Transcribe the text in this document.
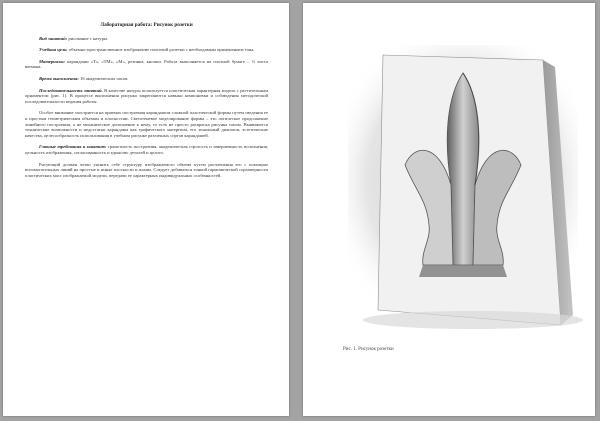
Лабораторная работа: Рисунок розетки

Вид занятий: рисование с натуры.

Учебная цель: объемно-пространственное изображение гипсовой розетки с необходимым применением тона.

Материалы: карандаши «Т», «ТМ», «М», резинка, кнопки. Работа выполняется на плотной бумаге – ½ листа ватмана.

Время выполнения: 16 академических часов.

Последовательность занятий. В качестве натуры используется пластическая характерная модель с растительным орнаментом (рис. 1). В процессе выполнения рисунка закрепляются навыки компоновки и соблюдения методической последовательности ведения работы.

Особое внимание заостряется на приемах построения карандашом сложной пластической формы путем сведения ее к простым геометрическим объемам и плоскостям. Светотеневое моделирование формы – это логическое продолжение линейного построения, а не механическое дополнение к нему, то есть не просто раскраска рисунка тоном. Выявляются технические возможности и недостатки карандаша как графического материала, его тональный диапазон, эстетические качества, целесообразность использования в учебном рисунке различных сортов карандашей.

Главные требования к занятию: грамотность построения, академическая строгость и завершенность исполнения, цельность изображения, согласованность и единство деталей и целого.

Рисующий должен четко уяснить себе структуру изображаемого объема путем расчленения его с помощью вспомогательных линий на простые и ясные плоскости и планы. Следует добиваться тонкой гармонической соразмерности пластических масс изображаемой модели, передачи ее характерных индивидуальных особенностей.

Рис. 1. Рисунок розетки
